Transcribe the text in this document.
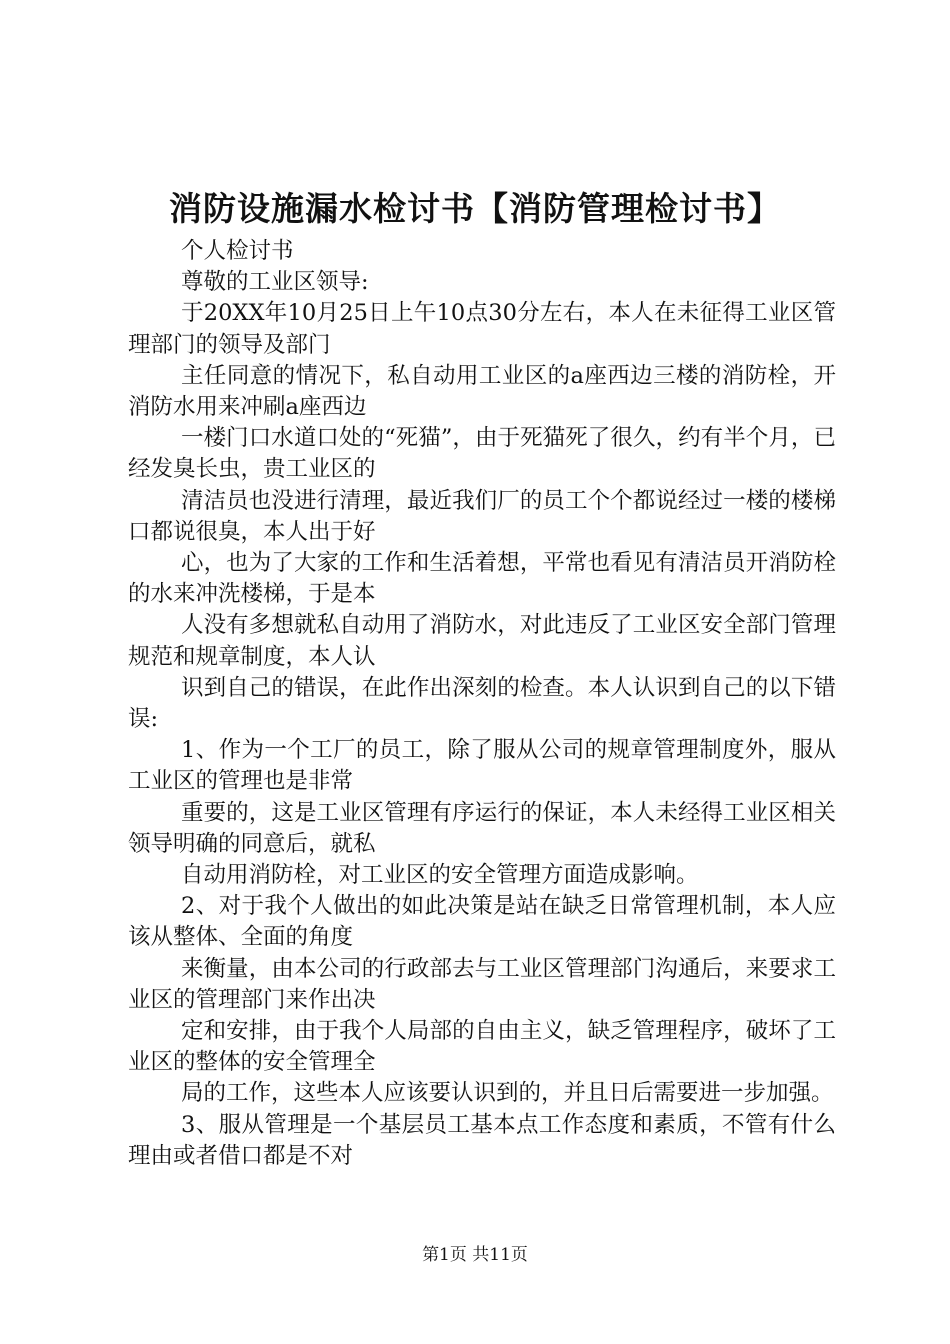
消防设施漏水检讨书【消防管理检讨书】

个人检讨书

尊敬的工业区领导:

于20XX年10月25日上午10点30分左右，本人在未征得工业区管理部门的领导及部门

主任同意的情况下，私自动用工业区的a座西边三楼的消防栓，开消防水用来冲刷a座西边

一楼门口水道口处的“死猫”，由于死猫死了很久，约有半个月，已经发臭长虫，贵工业区的

清洁员也没进行清理，最近我们厂的员工个个都说经过一楼的楼梯口都说很臭，本人出于好

心，也为了大家的工作和生活着想，平常也看见有清洁员开消防栓的水来冲洗楼梯，于是本

人没有多想就私自动用了消防水，对此违反了工业区安全部门管理规范和规章制度，本人认

识到自己的错误，在此作出深刻的检查。本人认识到自己的以下错误:

1、作为一个工厂的员工，除了服从公司的规章管理制度外，服从工业区的管理也是非常

重要的，这是工业区管理有序运行的保证，本人未经得工业区相关领导明确的同意后，就私

自动用消防栓，对工业区的安全管理方面造成影响。

2、对于我个人做出的如此决策是站在缺乏日常管理机制，本人应该从整体、全面的角度

来衡量，由本公司的行政部去与工业区管理部门沟通后，来要求工业区的管理部门来作出决

定和安排，由于我个人局部的自由主义，缺乏管理程序，破坏了工业区的整体的安全管理全

局的工作，这些本人应该要认识到的，并且日后需要进一步加强。

3、服从管理是一个基层员工基本点工作态度和素质，不管有什么理由或者借口都是不对

第1页 共11页
